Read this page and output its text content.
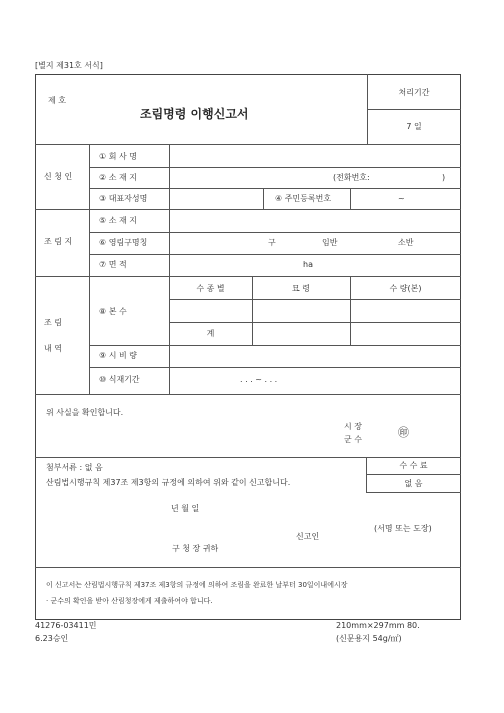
[별지 제31호 서식]
제 호
조림명령 이행신고서
처리기간
7 일
신 청 인
① 회 사 명
② 소 재 지	(전화번호:	)
③ 대표자성명	④ 주민등록번호	~
조 림 지
⑤ 소 재 지
⑥ 영림구명칭	구	임반	소반
⑦ 면 적	ha
조 림
내 역
⑧ 본 수
수 종 별	묘 령	수 량(본)
계
⑨ 시 비 량
⑩ 식재기간	. . . ~ . . .
위 사실을 확인합니다.
시 장
군 수
㊞
첨부서류 : 없 음
산림법시행규칙 제37조 제3항의 규정에 의하여 위와 같이 신고합니다.
수 수 료
없 음
년 월 일
(서명 또는 도장)
신고인
구 청 장 귀하
이 신고서는 산림법시행규칙 제37조 제3항의 규정에 의하여 조림을 완료한 날부터 30일이내에시장
· 군수의 확인을 받아 산림청장에게 제출하여야 합니다.
41276-03411민
6.23승인
210mm×297mm 80.
(신문용지 54g/㎡)
